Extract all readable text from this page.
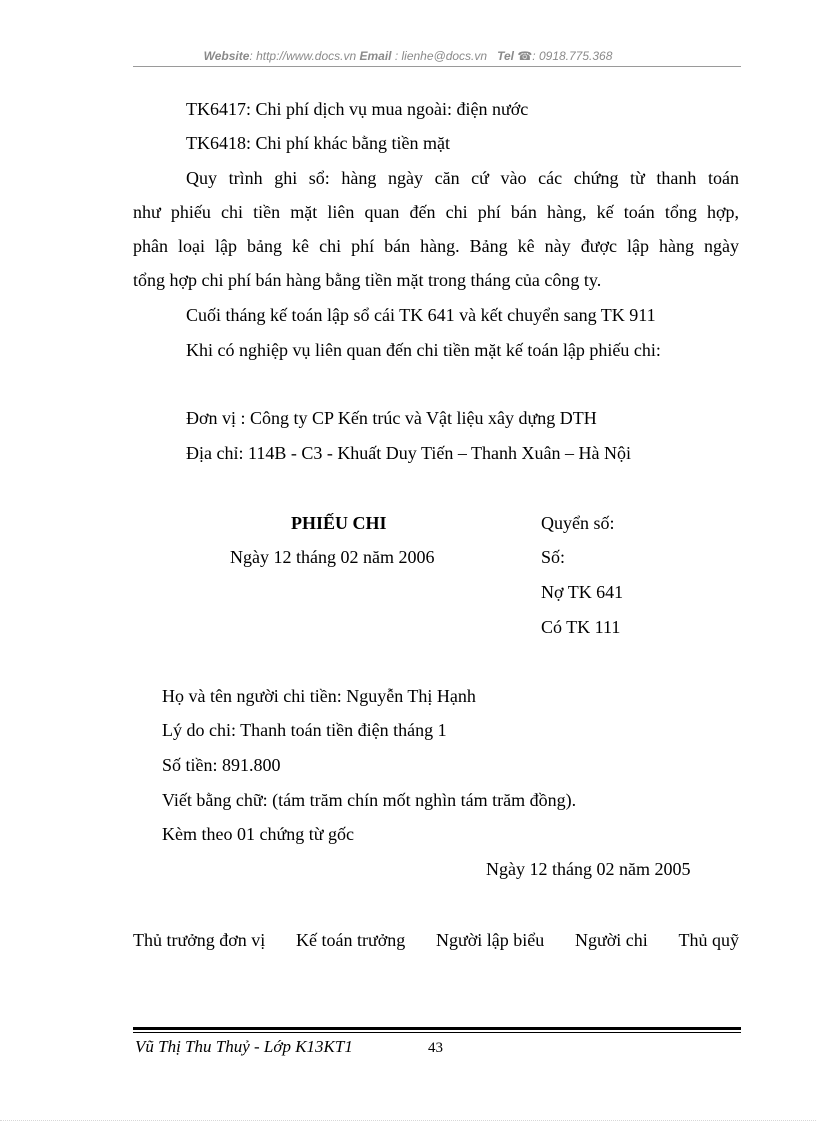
Website: http://www.docs.vn Email : lienhe@docs.vn Tel ☎: 0918.775.368
TK6417: Chi phí dịch vụ mua ngoài: điện nước
TK6418: Chi phí khác bằng tiền mặt
Quy trình ghi sổ: hàng ngày căn cứ vào các chứng từ thanh toán
như phiếu chi tiền mặt liên quan đến chi phí bán hàng, kế toán tổng hợp,
phân loại lập bảng kê chi phí bán hàng. Bảng kê này được lập hàng ngày
tổng hợp chi phí bán hàng bằng tiền mặt trong tháng của công ty.
Cuối tháng kế toán lập sổ cái TK 641 và kết chuyển sang TK 911
Khi có nghiệp vụ liên quan đến chi tiền mặt kế toán lập phiếu chi:
Đơn vị : Công ty CP Kến trúc và Vật liệu xây dựng DTH
Địa chỉ: 114B - C3 - Khuất Duy Tiến – Thanh Xuân – Hà Nội
PHIẾU CHI
Ngày 12 tháng 02 năm 2006
Quyển số:
Số:
Nợ TK 641
Có TK 111
Họ và tên người chi tiền: Nguyễn Thị Hạnh
Lý do chi: Thanh toán tiền điện tháng 1
Số tiền: 891.800
Viết bằng chữ: (tám trăm chín mốt nghìn tám trăm đồng).
Kèm theo 01 chứng từ gốc
Ngày 12 tháng 02 năm 2005
Thủ trưởng đơn vị Kế toán trưởng Người lập biểu Người chi Thủ quỹ
Vũ Thị Thu Thuỷ - Lớp K13KT1	43
